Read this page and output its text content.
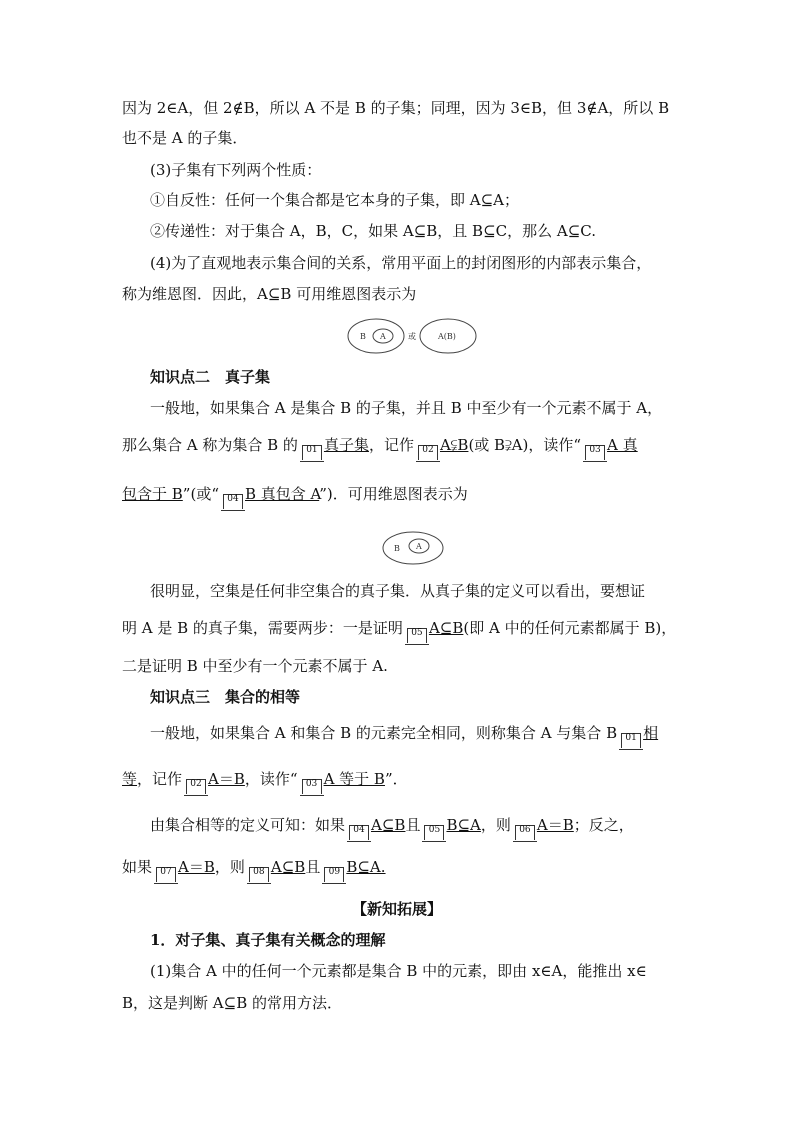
因为 2∈A，但 2∉B，所以 A 不是 B 的子集；同理，因为 3∈B，但 3∉A，所以 B
也不是 A 的子集．
(3)子集有下列两个性质：
①自反性：任何一个集合都是它本身的子集，即 A⊆A；
②传递性：对于集合 A，B，C，如果 A⊆B，且 B⊆C，那么 A⊆C.
(4)为了直观地表示集合间的关系，常用平面上的封闭图形的内部表示集合，
称为维恩图．因此，A⊆B 可用维恩图表示为
B A	或	A(B)
知识点二　真子集
一般地，如果集合 A 是集合 B 的子集，并且 B 中至少有一个元素不属于 A，
那么集合 A 称为集合 B 的 01 真子集，记作 02 A⫋B(或 B⫌A)，读作“ 03 A 真
包含于 B”(或“ 04 B 真包含 A”)．可用维恩图表示为
B A
很明显，空集是任何非空集合的真子集．从真子集的定义可以看出，要想证
明 A 是 B 的真子集，需要两步：一是证明 05 A⊆B(即 A 中的任何元素都属于 B)，
二是证明 B 中至少有一个元素不属于 A.
知识点三　集合的相等
一般地，如果集合 A 和集合 B 的元素完全相同，则称集合 A 与集合 B 01 相
等，记作 02 A＝B，读作“ 03 A 等于 B”．
由集合相等的定义可知：如果 04 A⊆B且 05 B⊆A，则 06 A＝B；反之，
如果 07 A＝B，则 08 A⊆B且 09 B⊆A.
【新知拓展】
1．对子集、真子集有关概念的理解
(1)集合 A 中的任何一个元素都是集合 B 中的元素，即由 x∈A，能推出 x∈
B，这是判断 A⊆B 的常用方法．
